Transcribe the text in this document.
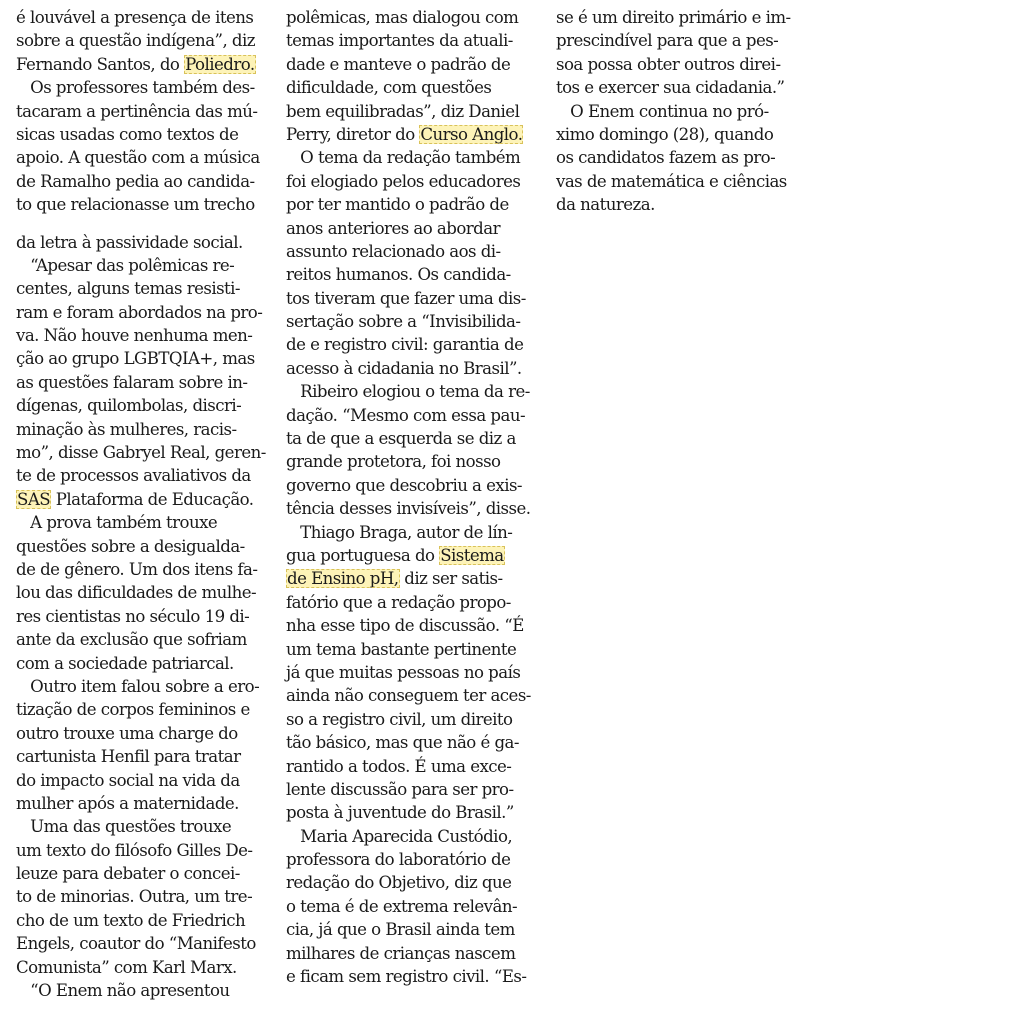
é louvável a presença de itens
sobre a questão indígena”, diz
Fernando Santos, do Poliedro.
Os professores também des-
tacaram a pertinência das mú-
sicas usadas como textos de
apoio. A questão com a música
de Ramalho pedia ao candida-
to que relacionasse um trecho
da letra à passividade social.
“Apesar das polêmicas re-
centes, alguns temas resisti-
ram e foram abordados na pro-
va. Não houve nenhuma men-
ção ao grupo LGBTQIA+, mas
as questões falaram sobre in-
dígenas, quilombolas, discri-
minação às mulheres, racis-
mo”, disse Gabryel Real, geren-
te de processos avaliativos da
SAS Plataforma de Educação.
A prova também trouxe
questões sobre a desigualda-
de de gênero. Um dos itens fa-
lou das dificuldades de mulhe-
res cientistas no século 19 di-
ante da exclusão que sofriam
com a sociedade patriarcal.
Outro item falou sobre a ero-
tização de corpos femininos e
outro trouxe uma charge do
cartunista Henfil para tratar
do impacto social na vida da
mulher após a maternidade.
Uma das questões trouxe
um texto do filósofo Gilles De-
leuze para debater o concei-
to de minorias. Outra, um tre-
cho de um texto de Friedrich
Engels, coautor do “Manifesto
Comunista” com Karl Marx.
“O Enem não apresentou
polêmicas, mas dialogou com
temas importantes da atuali-
dade e manteve o padrão de
dificuldade, com questões
bem equilibradas”, diz Daniel
Perry, diretor do Curso Anglo.
O tema da redação também
foi elogiado pelos educadores
por ter mantido o padrão de
anos anteriores ao abordar
assunto relacionado aos di-
reitos humanos. Os candida-
tos tiveram que fazer uma dis-
sertação sobre a “Invisibilida-
de e registro civil: garantia de
acesso à cidadania no Brasil”.
Ribeiro elogiou o tema da re-
dação. “Mesmo com essa pau-
ta de que a esquerda se diz a
grande protetora, foi nosso
governo que descobriu a exis-
tência desses invisíveis”, disse.
Thiago Braga, autor de lín-
gua portuguesa do Sistema
de Ensino pH, diz ser satis-
fatório que a redação propo-
nha esse tipo de discussão. “É
um tema bastante pertinente
já que muitas pessoas no país
ainda não conseguem ter aces-
so a registro civil, um direito
tão básico, mas que não é ga-
rantido a todos. É uma exce-
lente discussão para ser pro-
posta à juventude do Brasil.”
Maria Aparecida Custódio,
professora do laboratório de
redação do Objetivo, diz que
o tema é de extrema relevân-
cia, já que o Brasil ainda tem
milhares de crianças nascem
e ficam sem registro civil. “Es-
se é um direito primário e im-
prescindível para que a pes-
soa possa obter outros direi-
tos e exercer sua cidadania.”
O Enem continua no pró-
ximo domingo (28), quando
os candidatos fazem as pro-
vas de matemática e ciências
da natureza.
